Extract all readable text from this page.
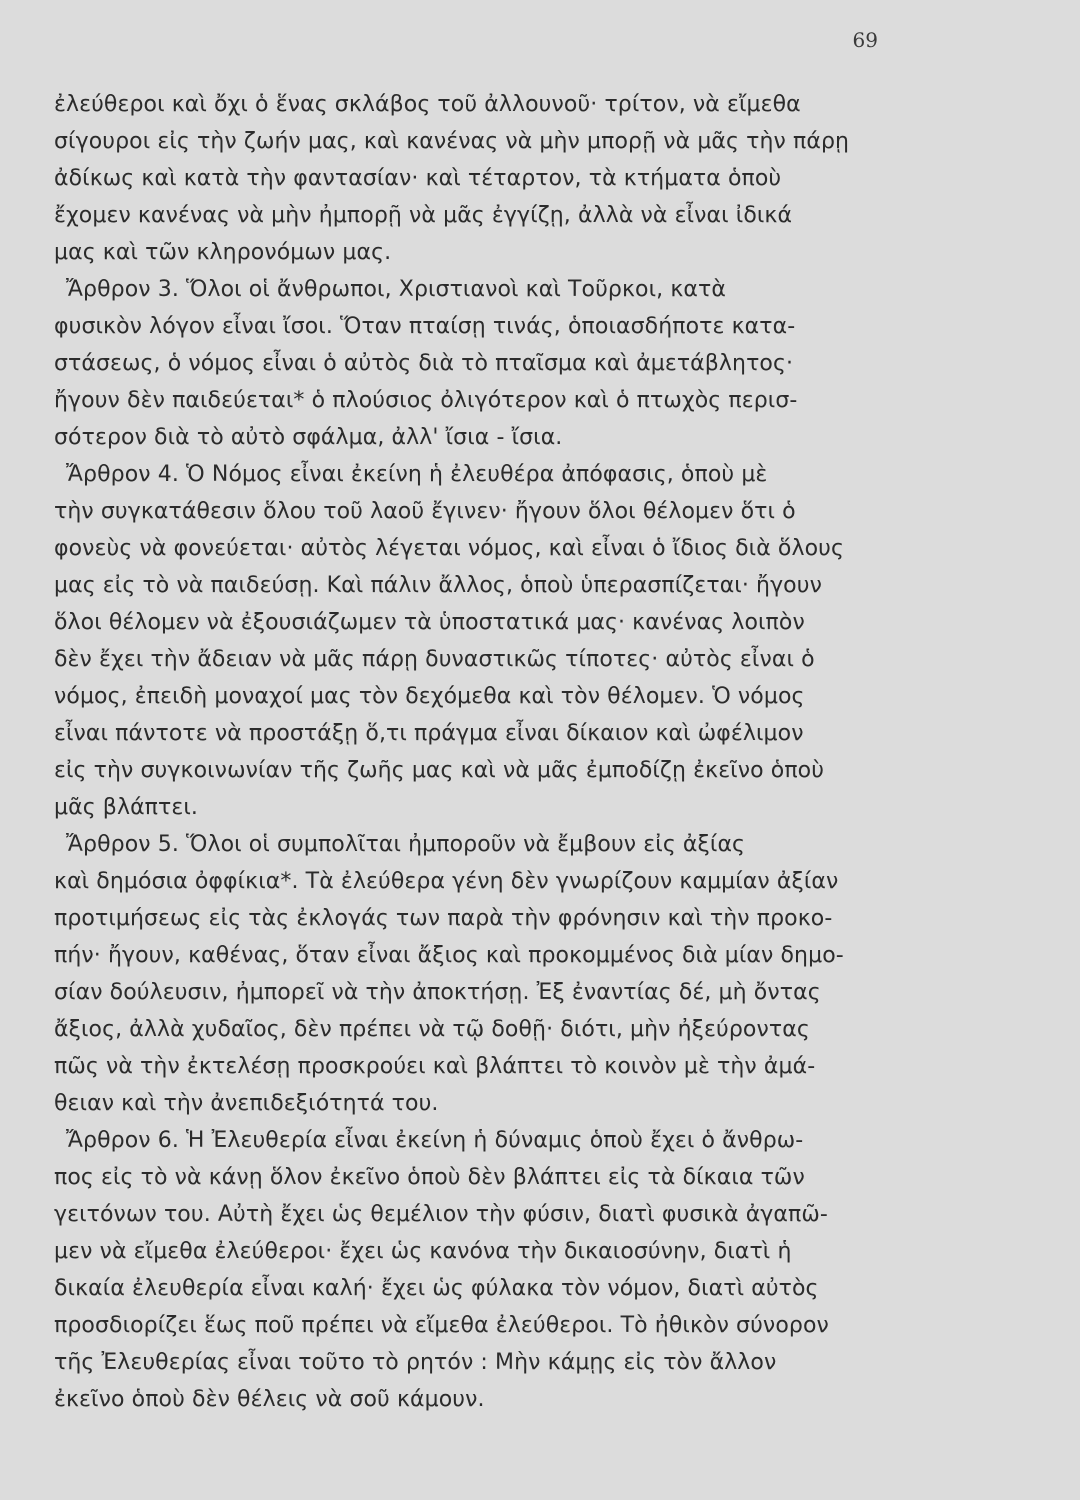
69
ἐλεύθεροι καὶ ὄχι ὁ ἕνας σκλάβος τοῦ ἀλλουνοῦ· τρίτον, νὰ εἴμεθα
σίγουροι εἰς τὴν ζωήν μας, καὶ κανένας νὰ μὴν μπορῇ νὰ μᾶς τὴν πάρῃ
ἀδίκως καὶ κατὰ τὴν φαντασίαν· καὶ τέταρτον, τὰ κτήματα ὁποὺ
ἔχομεν κανένας νὰ μὴν ἠμπορῇ νὰ μᾶς ἐγγίζῃ, ἀλλὰ νὰ εἶναι ἰδικά
μας καὶ τῶν κληρονόμων μας.
Ἄρθρον 3. Ὅλοι οἱ ἄνθρωποι, Χριστιανοὶ καὶ Τοῦρκοι, κατὰ
φυσικὸν λόγον εἶναι ἴσοι. Ὅταν πταίσῃ τινάς, ὁποιασδήποτε κατα-
στάσεως, ὁ νόμος εἶναι ὁ αὐτὸς διὰ τὸ πταῖσμα καὶ ἀμετάβλητος·
ἤγουν δὲν παιδεύεται* ὁ πλούσιος ὀλιγότερον καὶ ὁ πτωχὸς περισ-
σότερον διὰ τὸ αὐτὸ σφάλμα, ἀλλ' ἴσια - ἴσια.
Ἄρθρον 4. Ὁ Νόμος εἶναι ἐκείνη ἡ ἐλευθέρα ἀπόφασις, ὁποὺ μὲ
τὴν συγκατάθεσιν ὅλου τοῦ λαοῦ ἔγινεν· ἤγουν ὅλοι θέλομεν ὅτι ὁ
φονεὺς νὰ φονεύεται· αὐτὸς λέγεται νόμος, καὶ εἶναι ὁ ἴδιος διὰ ὅλους
μας εἰς τὸ νὰ παιδεύσῃ. Καὶ πάλιν ἄλλος, ὁποὺ ὑπερασπίζεται· ἤγουν
ὅλοι θέλομεν νὰ ἐξουσιάζωμεν τὰ ὑποστατικά μας· κανένας λοιπὸν
δὲν ἔχει τὴν ἄδειαν νὰ μᾶς πάρῃ δυναστικῶς τίποτες· αὐτὸς εἶναι ὁ
νόμος, ἐπειδὴ μοναχοί μας τὸν δεχόμεθα καὶ τὸν θέλομεν. Ὁ νόμος
εἶναι πάντοτε νὰ προστάξῃ ὅ,τι πράγμα εἶναι δίκαιον καὶ ὠφέλιμον
εἰς τὴν συγκοινωνίαν τῆς ζωῆς μας καὶ νὰ μᾶς ἐμποδίζῃ ἐκεῖνο ὁποὺ
μᾶς βλάπτει.
Ἄρθρον 5. Ὅλοι οἱ συμπολῖται ἠμποροῦν νὰ ἔμβουν εἰς ἀξίας
καὶ δημόσια ὀφφίκια*. Τὰ ἐλεύθερα γένη δὲν γνωρίζουν καμμίαν ἀξίαν
προτιμήσεως εἰς τὰς ἐκλογάς των παρὰ τὴν φρόνησιν καὶ τὴν προκο-
πήν· ἤγουν, καθένας, ὅταν εἶναι ἄξιος καὶ προκομμένος διὰ μίαν δημο-
σίαν δούλευσιν, ἠμπορεῖ νὰ τὴν ἀποκτήσῃ. Ἐξ ἐναντίας δέ, μὴ ὄντας
ἄξιος, ἀλλὰ χυδαῖος, δὲν πρέπει νὰ τῷ δοθῇ· διότι, μὴν ἠξεύροντας
πῶς νὰ τὴν ἐκτελέσῃ προσκρούει καὶ βλάπτει τὸ κοινὸν μὲ τὴν ἀμά-
θειαν καὶ τὴν ἀνεπιδεξιότητά του.
Ἄρθρον 6. Ἡ Ἐλευθερία εἶναι ἐκείνη ἡ δύναμις ὁποὺ ἔχει ὁ ἄνθρω-
πος εἰς τὸ νὰ κάνῃ ὅλον ἐκεῖνο ὁποὺ δὲν βλάπτει εἰς τὰ δίκαια τῶν
γειτόνων του. Αὐτὴ ἔχει ὡς θεμέλιον τὴν φύσιν, διατὶ φυσικὰ ἀγαπῶ-
μεν νὰ εἴμεθα ἐλεύθεροι· ἔχει ὡς κανόνα τὴν δικαιοσύνην, διατὶ ἡ
δικαία ἐλευθερία εἶναι καλή· ἔχει ὡς φύλακα τὸν νόμον, διατὶ αὐτὸς
προσδιορίζει ἕως ποῦ πρέπει νὰ εἴμεθα ἐλεύθεροι. Τὸ ἠθικὸν σύνορον
τῆς Ἐλευθερίας εἶναι τοῦτο τὸ ρητόν : Μὴν κάμῃς εἰς τὸν ἄλλον
ἐκεῖνο ὁποὺ δὲν θέλεις νὰ σοῦ κάμουν.
